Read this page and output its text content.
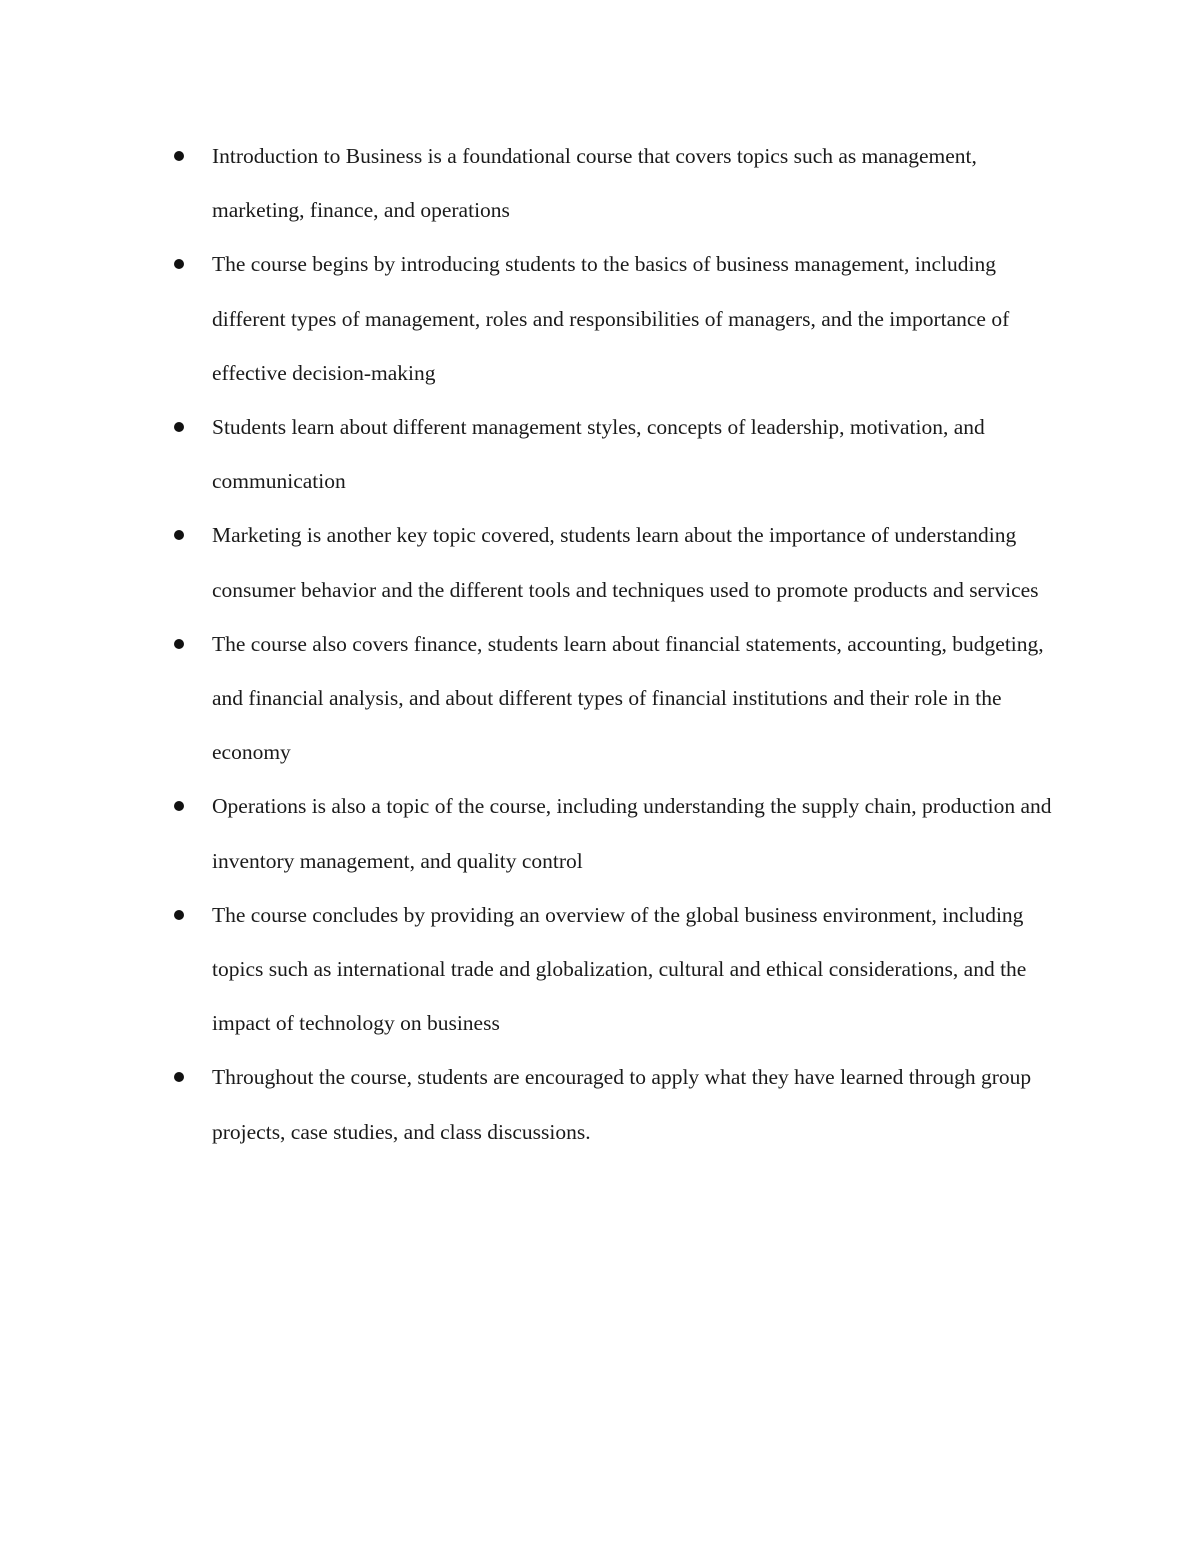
Introduction to Business is a foundational course that covers topics such as management, marketing, finance, and operations
The course begins by introducing students to the basics of business management, including different types of management, roles and responsibilities of managers, and the importance of effective decision-making
Students learn about different management styles, concepts of leadership, motivation, and communication
Marketing is another key topic covered, students learn about the importance of understanding consumer behavior and the different tools and techniques used to promote products and services
The course also covers finance, students learn about financial statements, accounting, budgeting, and financial analysis, and about different types of financial institutions and their role in the economy
Operations is also a topic of the course, including understanding the supply chain, production and inventory management, and quality control
The course concludes by providing an overview of the global business environment, including topics such as international trade and globalization, cultural and ethical considerations, and the impact of technology on business
Throughout the course, students are encouraged to apply what they have learned through group projects, case studies, and class discussions.
